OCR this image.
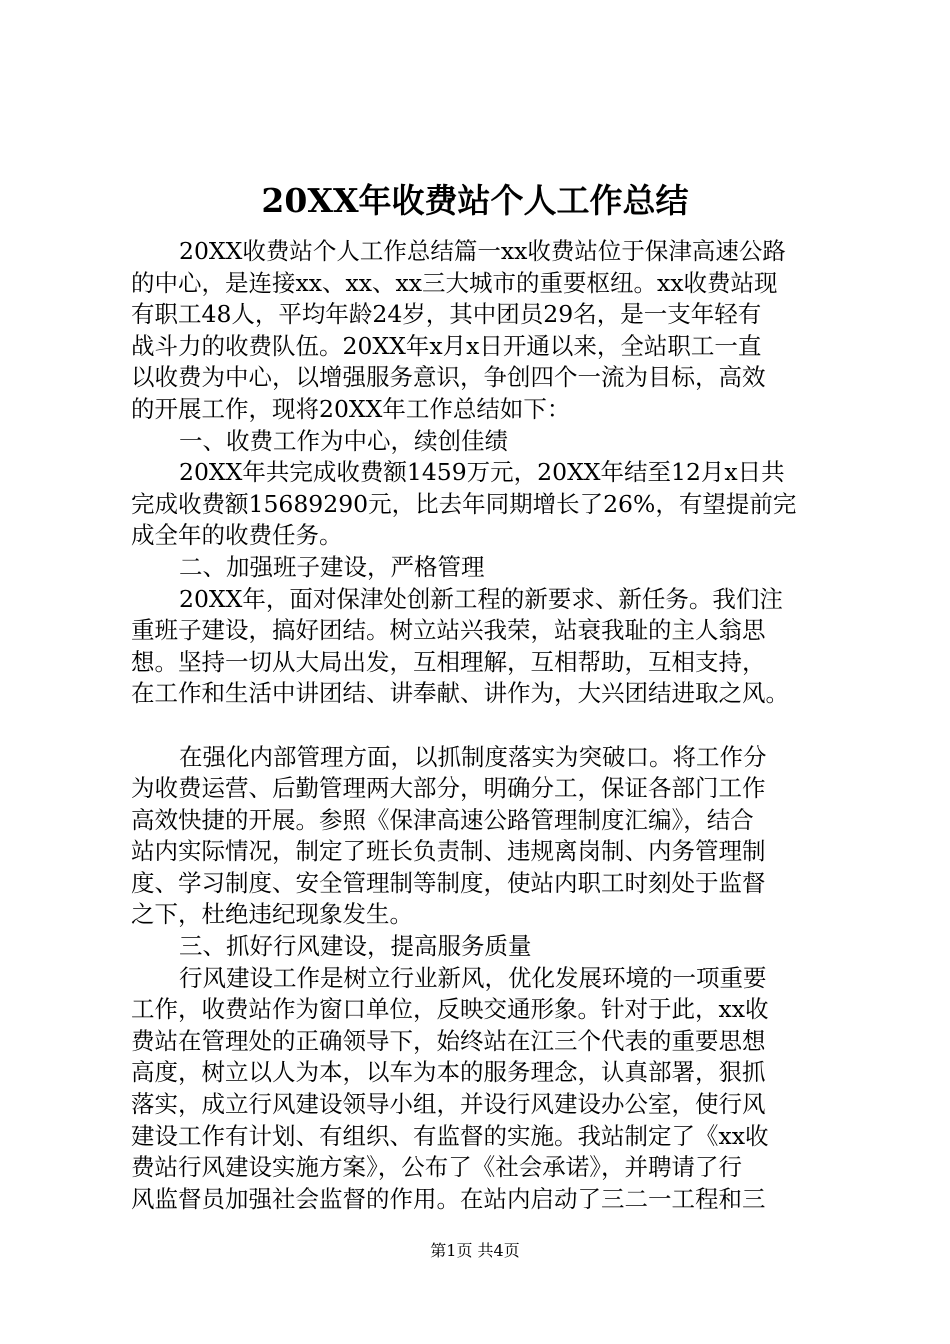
20XX年收费站个人工作总结
20XX收费站个人工作总结篇一xx收费站位于保津高速公路
的中心，是连接xx、xx、xx三大城市的重要枢纽。xx收费站现
有职工48人，平均年龄24岁，其中团员29名，是一支年轻有
战斗力的收费队伍。20XX年x月x日开通以来，全站职工一直
以收费为中心，以增强服务意识，争创四个一流为目标，高效
的开展工作，现将20XX年工作总结如下：
一、收费工作为中心，续创佳绩
20XX年共完成收费额1459万元，20XX年结至12月x日共
完成收费额15689290元，比去年同期增长了26%，有望提前完
成全年的收费任务。
二、加强班子建设，严格管理
20XX年，面对保津处创新工程的新要求、新任务。我们注
重班子建设，搞好团结。树立站兴我荣，站衰我耻的主人翁思
想。坚持一切从大局出发，互相理解，互相帮助，互相支持，
在工作和生活中讲团结、讲奉献、讲作为，大兴团结进取之风。
在强化内部管理方面，以抓制度落实为突破口。将工作分
为收费运营、后勤管理两大部分，明确分工，保证各部门工作
高效快捷的开展。参照《保津高速公路管理制度汇编》，结合
站内实际情况，制定了班长负责制、违规离岗制、内务管理制
度、学习制度、安全管理制等制度，使站内职工时刻处于监督
之下，杜绝违纪现象发生。
三、抓好行风建设，提高服务质量
行风建设工作是树立行业新风，优化发展环境的一项重要
工作，收费站作为窗口单位，反映交通形象。针对于此，xx收
费站在管理处的正确领导下，始终站在江三个代表的重要思想
高度，树立以人为本，以车为本的服务理念，认真部署，狠抓
落实，成立行风建设领导小组，并设行风建设办公室，使行风
建设工作有计划、有组织、有监督的实施。我站制定了《xx收
费站行风建设实施方案》，公布了《社会承诺》，并聘请了行
风监督员加强社会监督的作用。在站内启动了三二一工程和三
第1页 共4页
